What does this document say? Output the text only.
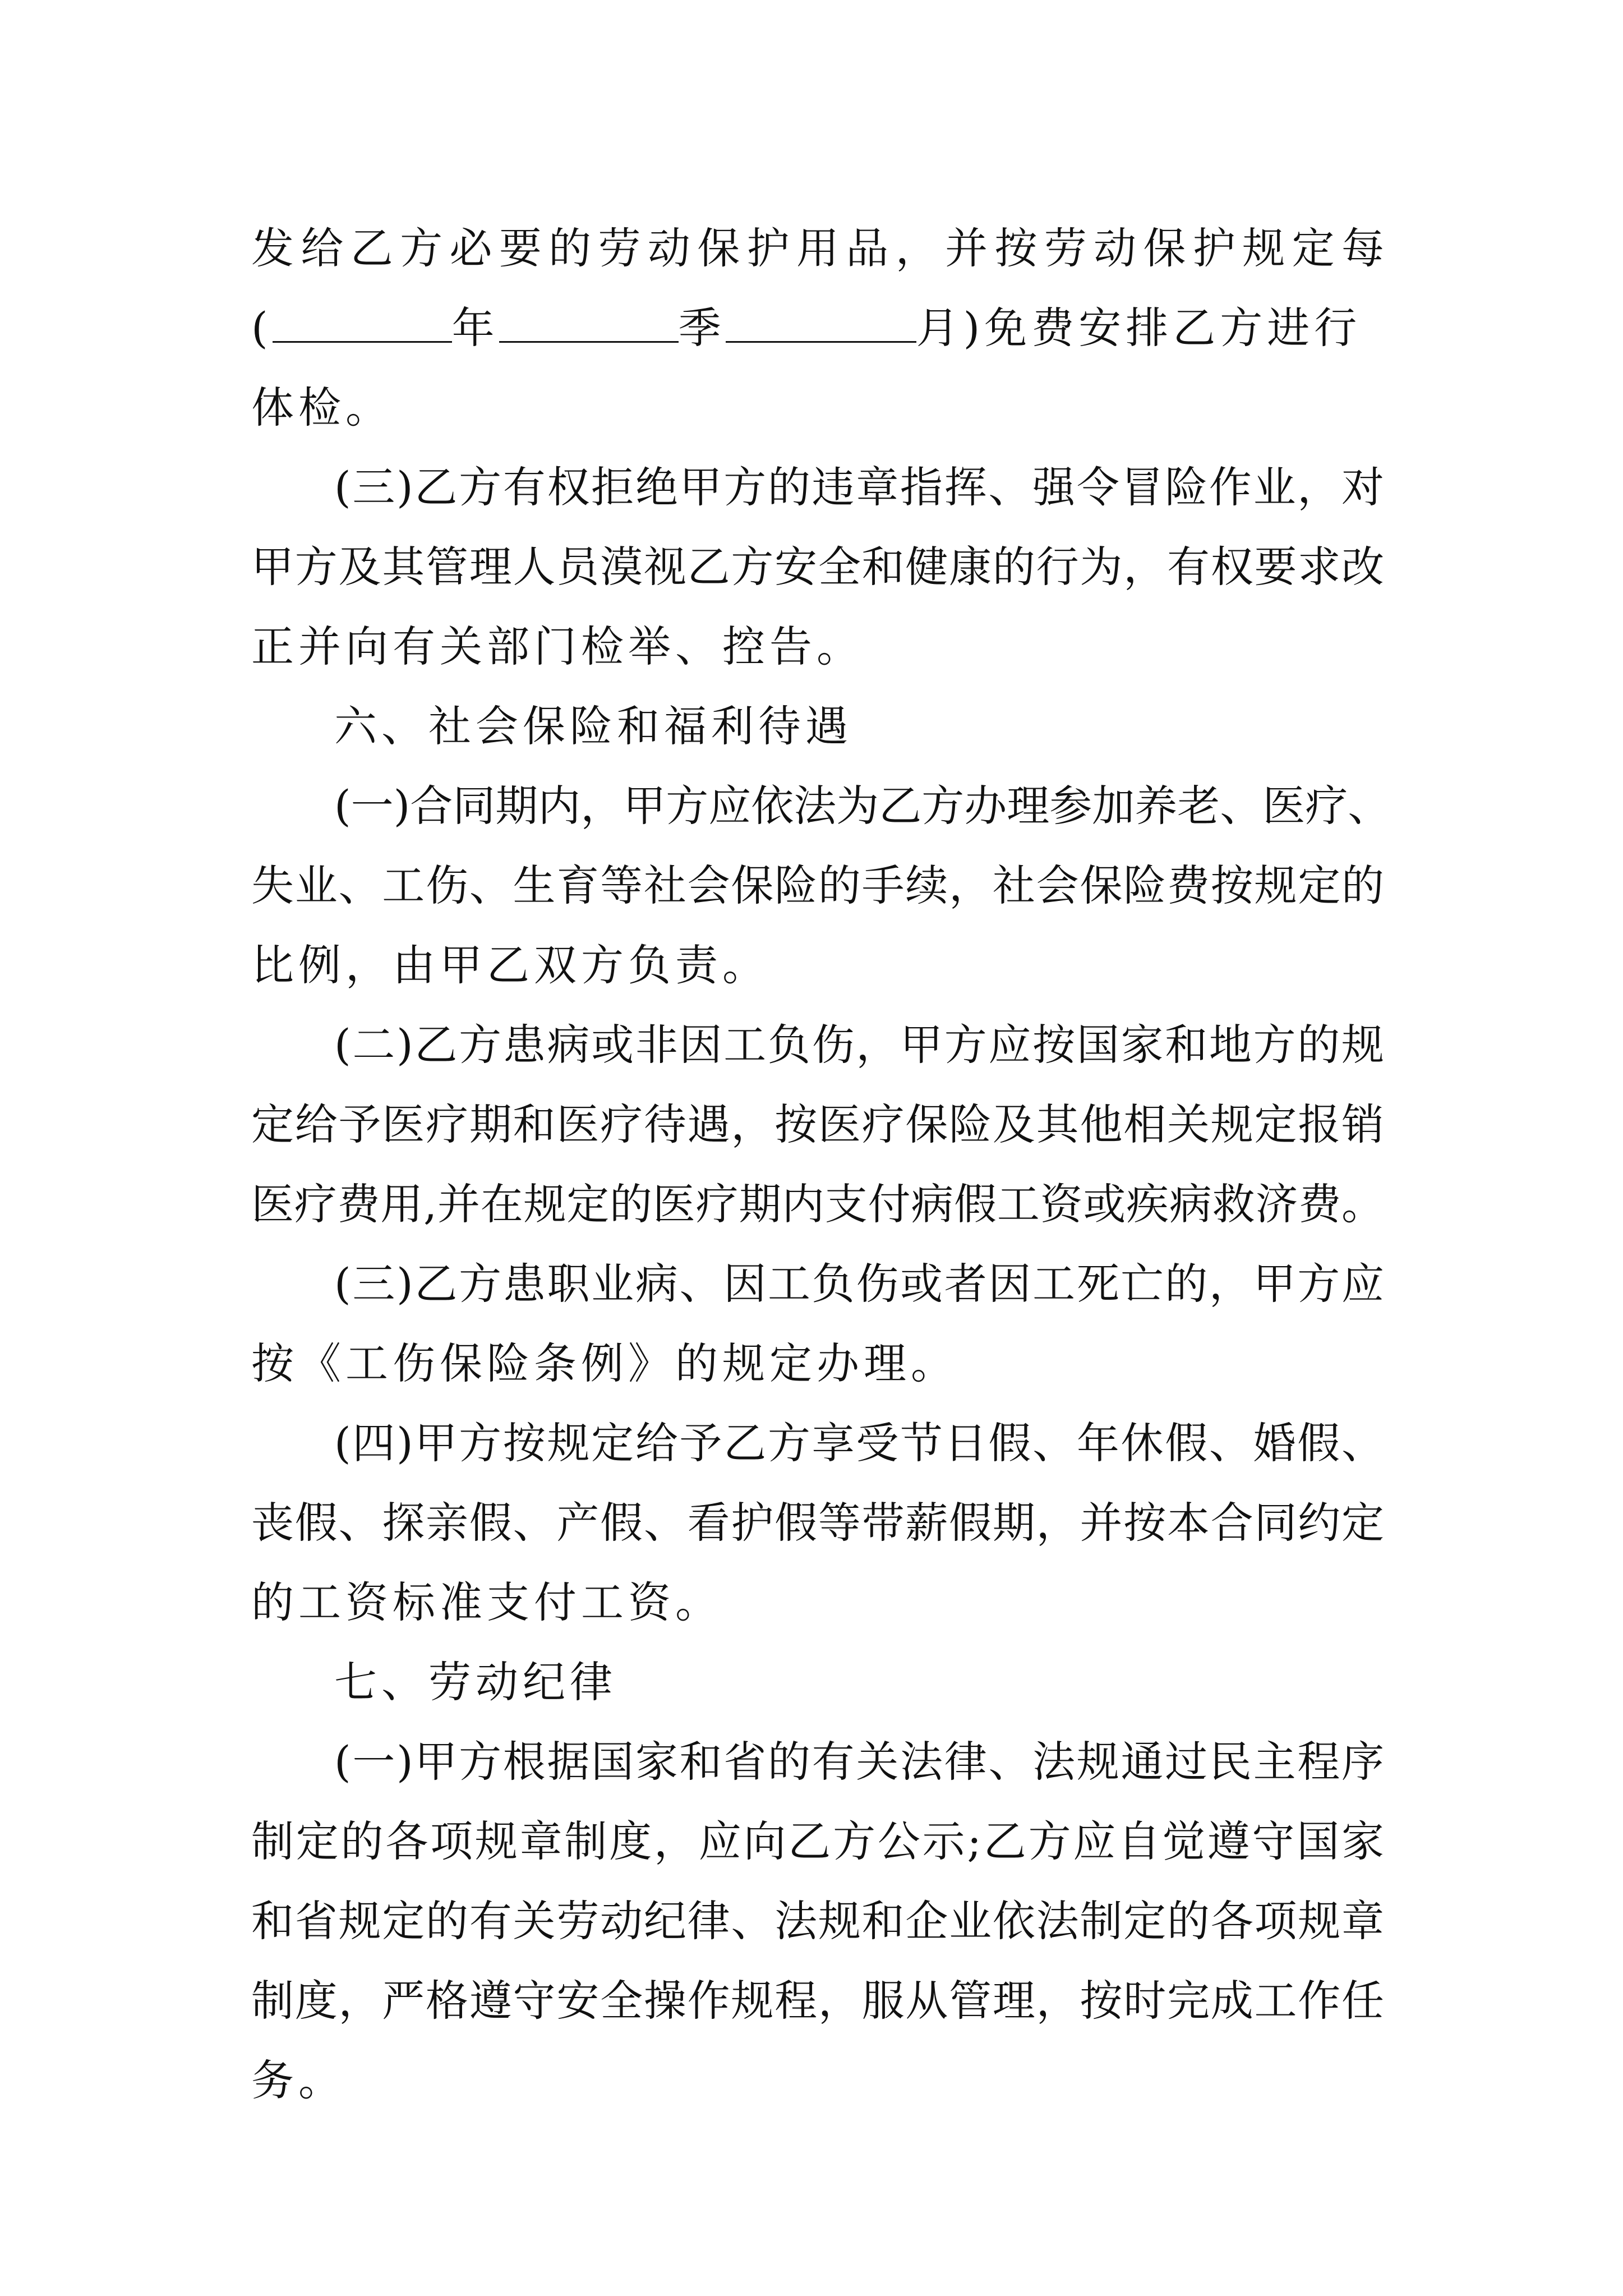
发给乙方必要的劳动保护用品，并按劳动保护规定每
(	年	季	月)免费安排乙方进行
体检。
(三)乙方有权拒绝甲方的违章指挥、强令冒险作业，对
甲方及其管理人员漠视乙方安全和健康的行为，有权要求改
正并向有关部门检举、控告。
六、社会保险和福利待遇
(一)合同期内，甲方应依法为乙方办理参加养老、医疗、
失业、工伤、生育等社会保险的手续，社会保险费按规定的
比例，由甲乙双方负责。
(二)乙方患病或非因工负伤，甲方应按国家和地方的规
定给予医疗期和医疗待遇，按医疗保险及其他相关规定报销
医疗费用,并在规定的医疗期内支付病假工资或疾病救济费。
(三)乙方患职业病、因工负伤或者因工死亡的，甲方应
按《工伤保险条例》的规定办理。
(四)甲方按规定给予乙方享受节日假、年休假、婚假、
丧假、探亲假、产假、看护假等带薪假期，并按本合同约定
的工资标准支付工资。
七、劳动纪律
(一)甲方根据国家和省的有关法律、法规通过民主程序
制定的各项规章制度，应向乙方公示;乙方应自觉遵守国家
和省规定的有关劳动纪律、法规和企业依法制定的各项规章
制度，严格遵守安全操作规程，服从管理，按时完成工作任
务。
